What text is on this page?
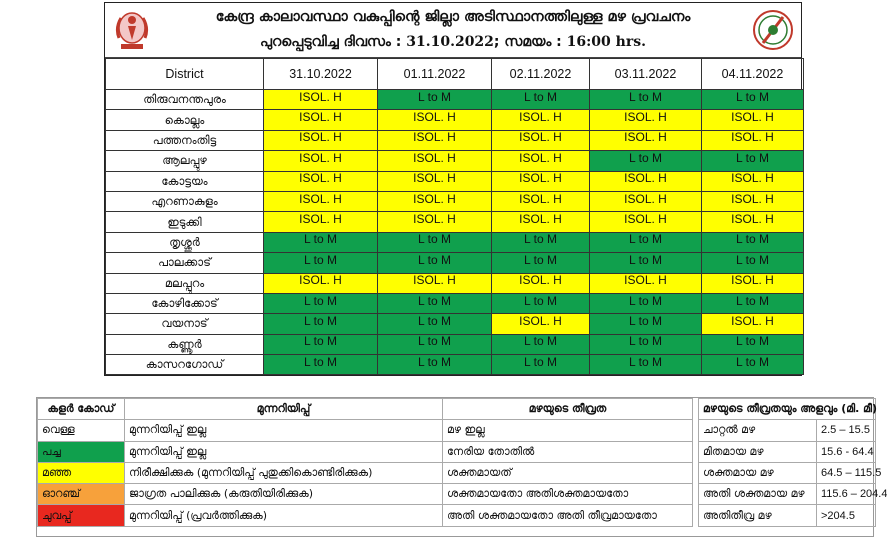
കേന്ദ്ര കാലാവസ്ഥാ വകുപ്പിന്റെ ജില്ലാ അടിസ്ഥാനത്തിലുള്ള മഴ പ്രവചനം
പുറപ്പെടുവിച്ച ദിവസം : 31.10.2022; സമയം : 16:00 hrs.
District	31.10.2022	01.11.2022	02.11.2022	03.11.2022	04.11.2022
തിരുവനന്തപുരം	ISOL. H	L to M	L to M	L to M	L to M

കൊല്ലം	ISOL. H	ISOL. H	ISOL. H	ISOL. H	ISOL. H

പത്തനംതിട്ട	ISOL. H	ISOL. H	ISOL. H	ISOL. H	ISOL. H

ആലപ്പുഴ	ISOL. H	ISOL. H	ISOL. H	L to M	L to M

കോട്ടയം	ISOL. H	ISOL. H	ISOL. H	ISOL. H	ISOL. H

എറണാകുളം	ISOL. H	ISOL. H	ISOL. H	ISOL. H	ISOL. H

ഇടുക്കി	ISOL. H	ISOL. H	ISOL. H	ISOL. H	ISOL. H

തൃശ്ശൂർ	L to M	L to M	L to M	L to M	L to M

പാലക്കാട്	L to M	L to M	L to M	L to M	L to M

മലപ്പുറം	ISOL. H	ISOL. H	ISOL. H	ISOL. H	ISOL. H

കോഴിക്കോട്	L to M	L to M	L to M	L to M	L to M

വയനാട്	L to M	L to M	ISOL. H	L to M	ISOL. H

കണ്ണൂർ	L to M	L to M	L to M	L to M	L to M

കാസറഗോഡ്	L to M	L to M	L to M	L to M	L to M
കളർ കോഡ്	മുന്നറിയിപ്പ്	മഴയുടെ തീവ്രത		മഴയുടെ തീവ്രതയും അളവും (മി. മീ)	
വെള്ള	മുന്നറിയിപ്പ് ഇല്ല	മഴ ഇല്ല		ചാറ്റൽ മഴ	2.5 – 15.5
പച്ച	മുന്നറിയിപ്പ് ഇല്ല	നേരിയ തോതിൽ		മിതമായ മഴ	15.6 - 64.4
മഞ്ഞ	നിരീക്ഷിക്കുക (മുന്നറിയിപ്പ് പുതുക്കികൊണ്ടിരിക്കുക)	ശക്തമായത്		ശക്തമായ മഴ	64.5 – 115.5
ഓറഞ്ച്	ജാഗ്രത പാലിക്കുക (കരുതിയിരിക്കുക)	ശക്തമായതോ അതിശക്തമായതോ		അതി ശക്തമായ മഴ	115.6 – 204.4
ചുവപ്പ്	മുന്നറിയിപ്പ് (പ്രവർത്തിക്കുക)	അതി ശക്തമായതോ അതി തീവ്രമായതോ		അതിതീവ്ര മഴ	>204.5
